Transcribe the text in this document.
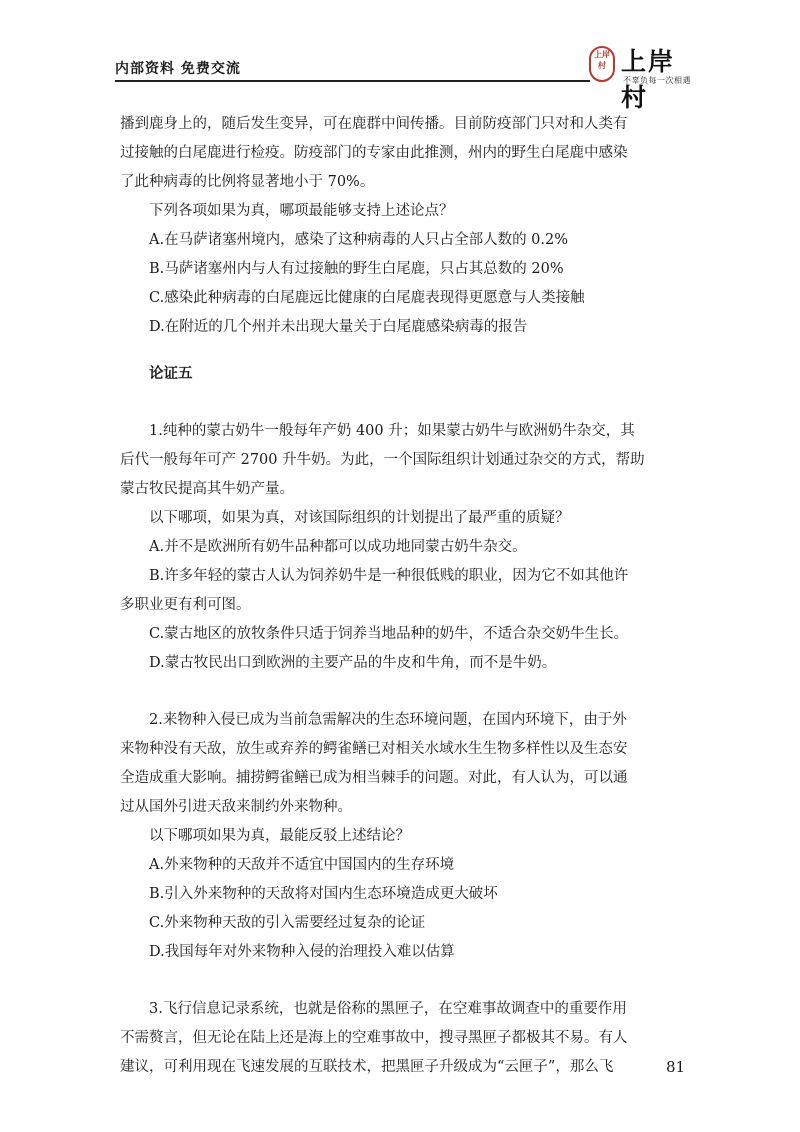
内部资料 免费交流
上岸村 上岸村
不辜负每一次相遇

播到鹿身上的，随后发生变异，可在鹿群中间传播。目前防疫部门只对和人类有

过接触的白尾鹿进行检疫。防疫部门的专家由此推测，州内的野生白尾鹿中感染

了此种病毒的比例将显著地小于 70%。

下列各项如果为真，哪项最能够支持上述论点？

A.在马萨诸塞州境内，感染了这种病毒的人只占全部人数的 0.2%

B.马萨诸塞州内与人有过接触的野生白尾鹿，只占其总数的 20%

C.感染此种病毒的白尾鹿远比健康的白尾鹿表现得更愿意与人类接触

D.在附近的几个州并未出现大量关于白尾鹿感染病毒的报告

论证五

1.纯种的蒙古奶牛一般每年产奶 400 升；如果蒙古奶牛与欧洲奶牛杂交，其

后代一般每年可产 2700 升牛奶。为此，一个国际组织计划通过杂交的方式，帮助

蒙古牧民提高其牛奶产量。

以下哪项，如果为真，对该国际组织的计划提出了最严重的质疑？

A.并不是欧洲所有奶牛品种都可以成功地同蒙古奶牛杂交。

B.许多年轻的蒙古人认为饲养奶牛是一种很低贱的职业，因为它不如其他许

多职业更有利可图。

C.蒙古地区的放牧条件只适于饲养当地品种的奶牛，不适合杂交奶牛生长。

D.蒙古牧民出口到欧洲的主要产品的牛皮和牛角，而不是牛奶。

2.来物种入侵已成为当前急需解决的生态环境问题，在国内环境下，由于外

来物种没有天敌，放生或弃养的鳄雀鳝已对相关水域水生生物多样性以及生态安

全造成重大影响。捕捞鳄雀鳝已成为相当棘手的问题。对此，有人认为，可以通

过从国外引进天敌来制约外来物种。

以下哪项如果为真，最能反驳上述结论？

A.外来物种的天敌并不适宜中国国内的生存环境

B.引入外来物种的天敌将对国内生态环境造成更大破坏

C.外来物种天敌的引入需要经过复杂的论证

D.我国每年对外来物种入侵的治理投入难以估算

3.飞行信息记录系统，也就是俗称的黑匣子，在空难事故调查中的重要作用

不需赘言，但无论在陆上还是海上的空难事故中，搜寻黑匣子都极其不易。有人

建议，可利用现在飞速发展的互联技术，把黑匣子升级成为“云匣子”，那么飞	81
